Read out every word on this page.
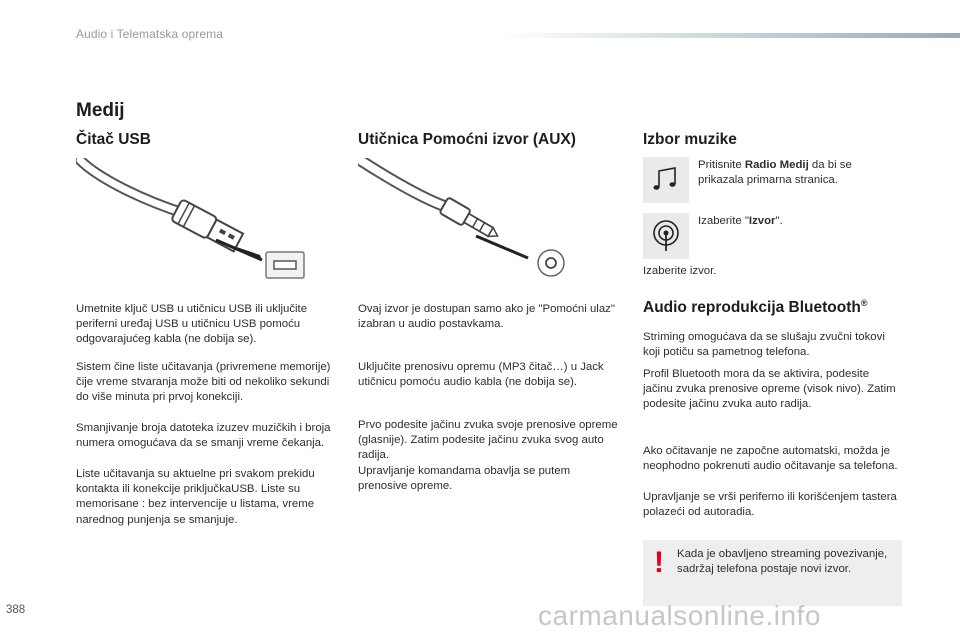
Audio i Telematska oprema
Medij
Čitač USB
Umetnite ključ USB u utičnicu USB ili uključite periferni uređaj USB u utičnicu USB pomoću odgovarajućeg kabla (ne dobija se).
Sistem čine liste učitavanja (privremene memorije) čije vreme stvaranja može biti od nekoliko sekundi do više minuta pri prvoj konekciji.
Smanjivanje broja datoteka izuzev muzičkih i broja numera omogućava da se smanji vreme čekanja.
Liste učitavanja su aktuelne pri svakom prekidu kontakta ili konekcije priključkaUSB. Liste su memorisane : bez intervencije u listama, vreme narednog punjenja se smanjuje.
Utičnica Pomoćni izvor (AUX)
Ovaj izvor je dostupan samo ako je "Pomoćni ulaz" izabran u audio postavkama.
Uključite prenosivu opremu (MP3 čitač…) u Jack utičnicu pomoću audio kabla (ne dobija se).
Prvo podesite jačinu zvuka svoje prenosive opreme (glasnije). Zatim podesite jačinu zvuka svog auto radija.
Upravljanje komandama obavlja se putem prenosive opreme.
Izbor muzike
Pritisnite Radio Medij da bi se prikazala primarna stranica.
Izaberite "Izvor".
Izaberite izvor.
Audio reprodukcija Bluetooth®
Striming omogućava da se slušaju zvučni tokovi koji potiču sa pametnog telefona.
Profil Bluetooth mora da se aktivira, podesite jačinu zvuka prenosive opreme (visok nivo). Zatim podesite jačinu zvuka auto radija.
Ako očitavanje ne započne automatski, možda je neophodno pokrenuti audio očitavanje sa telefona.
Upravljanje se vrši periferno ili korišćenjem tastera polazeći od autoradia.
! Kada je obavljeno streaming povezivanje, sadržaj telefona postaje novi izvor.
388	carmanualsonline.info
